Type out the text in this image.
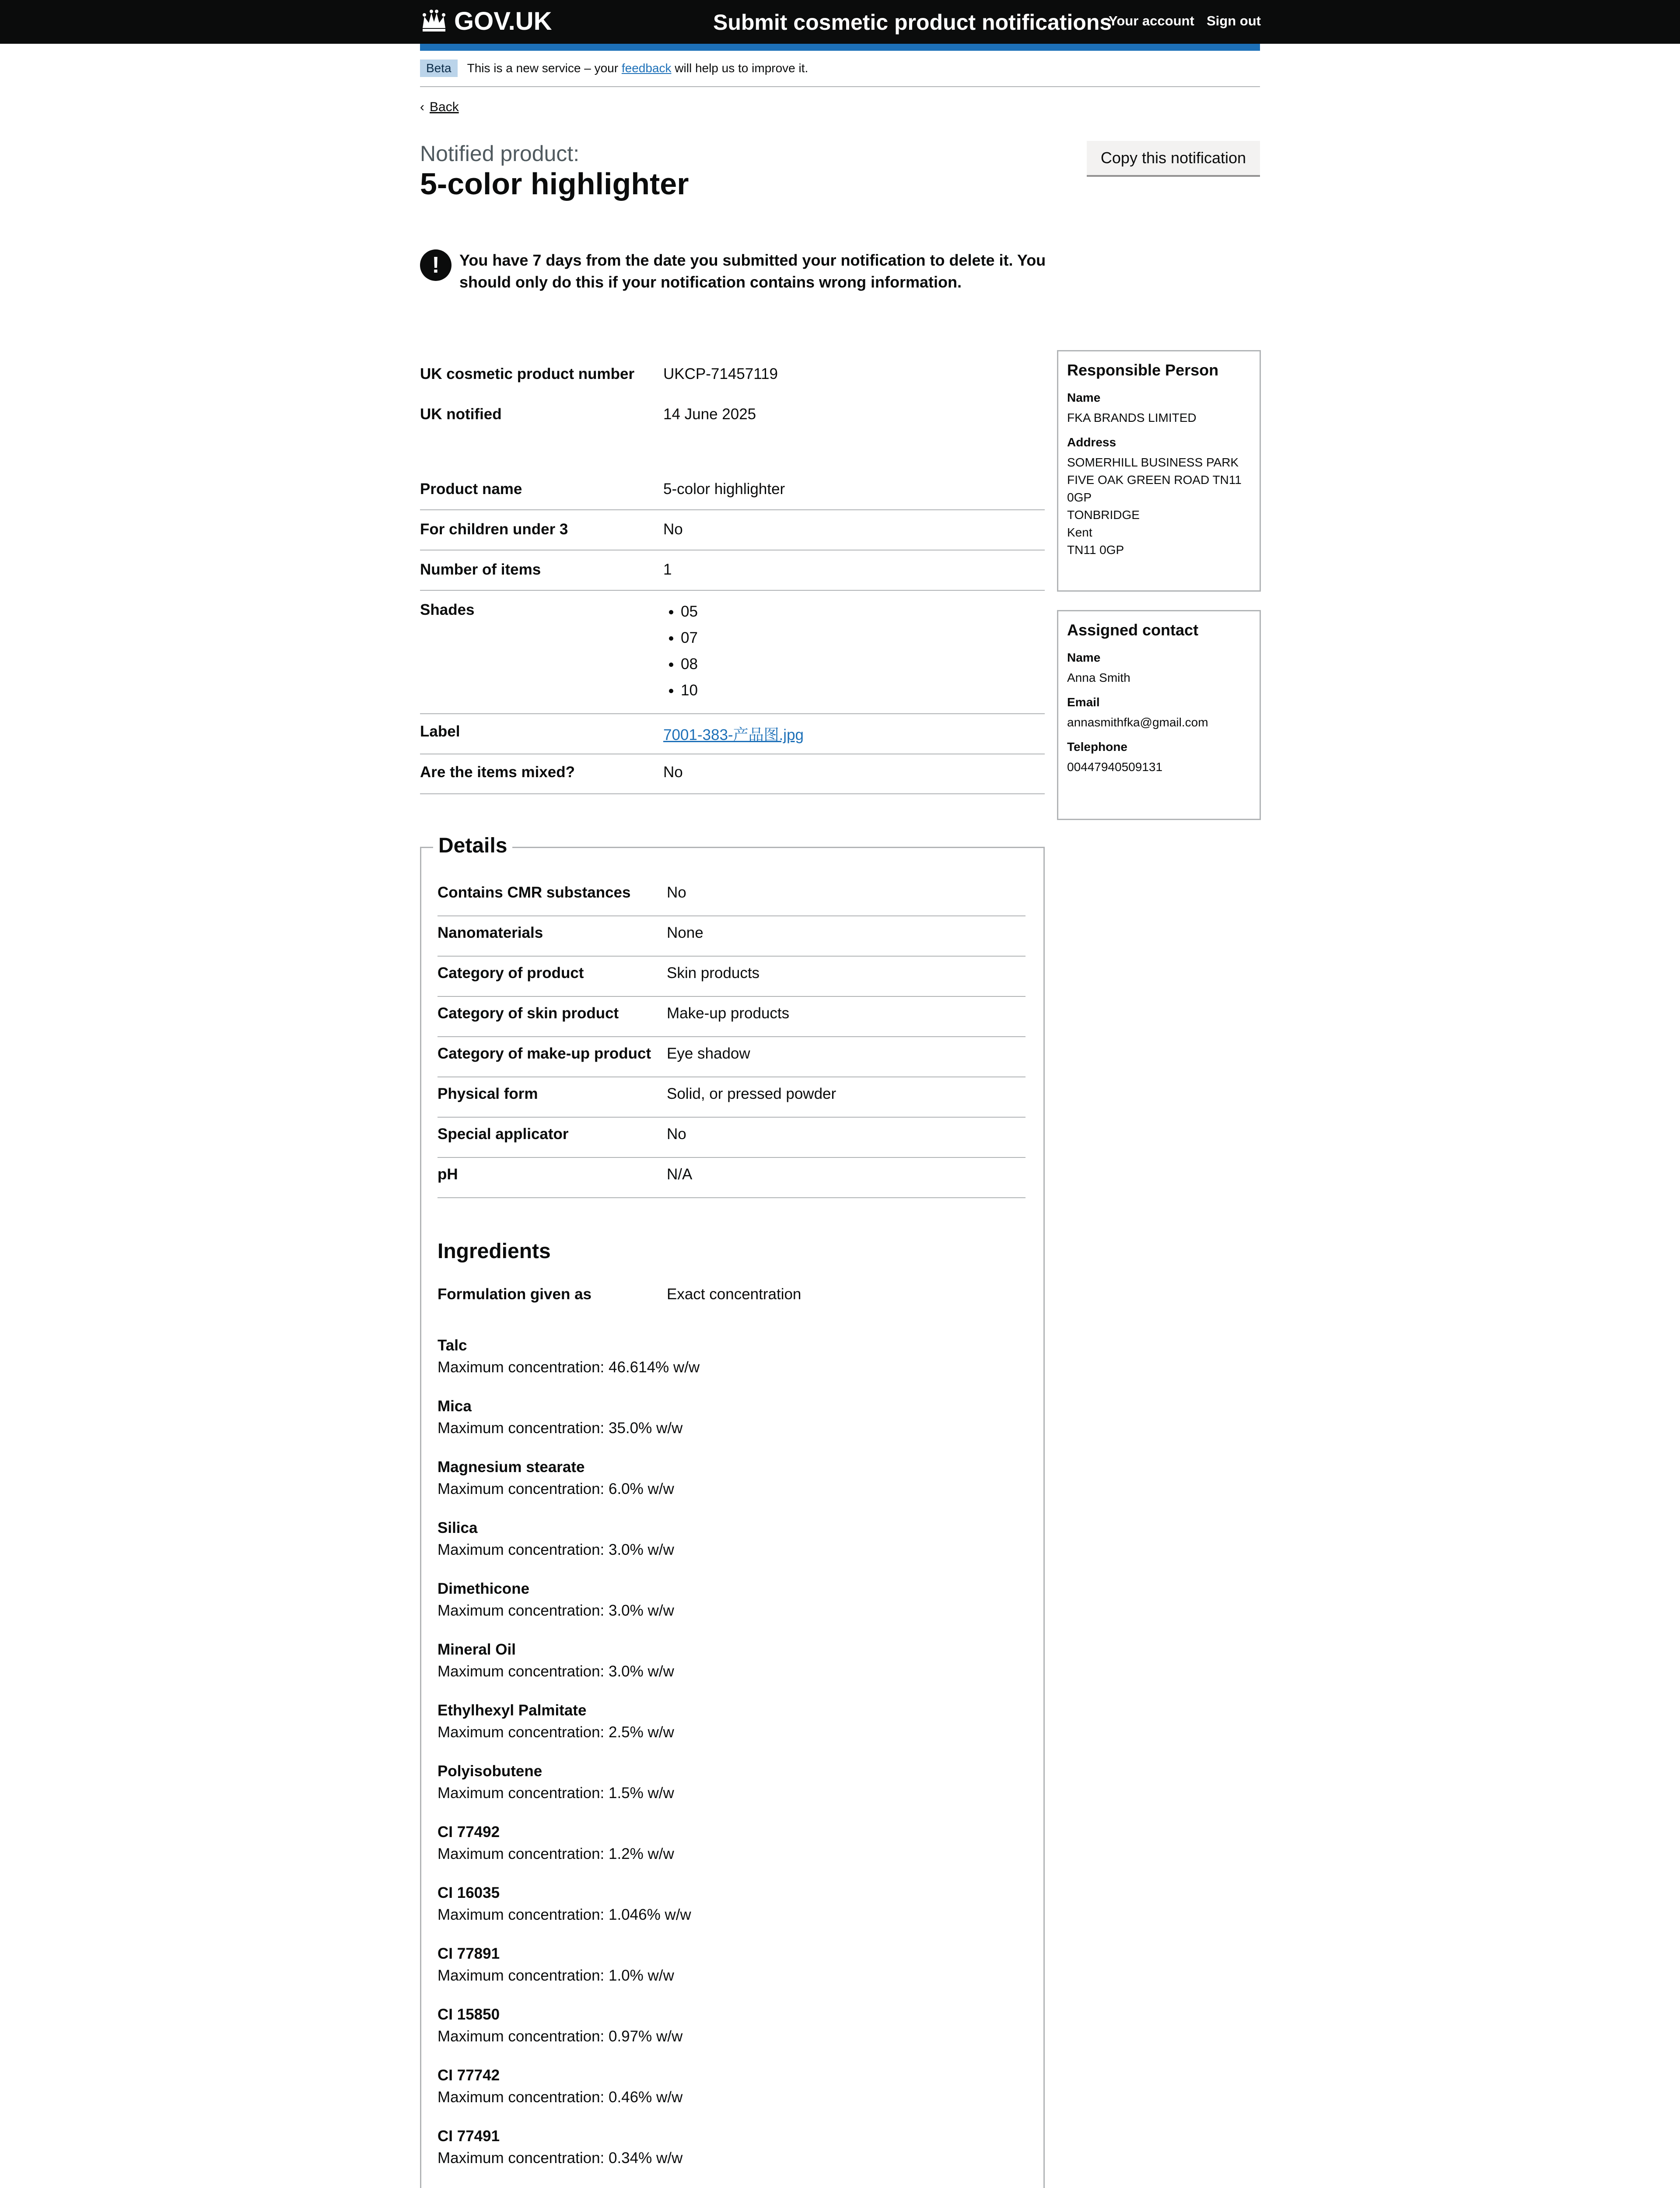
GOV.UK	Submit cosmetic product notifications
Your account Sign out
Beta	This is a new service – your
feedback
will help us to improve it.
‹ Back
Notified product:
5-color highlighter
Copy this notification
!	You have 7 days from the date you submitted your notification to delete it. You should only do this if your notification contains wrong information.
UK cosmetic product number UKCP-71457119
UK notified	14 June 2025
Product name	5-color highlighter
For children under 3	No
Number of items	1
Shades
•	05
• 07
• 08
• 10
Label	7001-383-产品图.jpg
Are the items mixed?	No
Responsible Person
Name
FKA BRANDS LIMITED
Address
SOMERHILL BUSINESS PARK
FIVE OAK GREEN ROAD TN11
0GP
TONBRIDGE
Kent
TN11 0GP
Assigned contact
Name
Anna Smith
Email
annasmithfka@gmail.com
Telephone
00447940509131
Details
Contains CMR substances No
Nanomaterials	None
Category of product	Skin products
Category of skin product	Make-up products
Category of make-up product Eye shadow
Physical form	Solid, or pressed powder
Special applicator	No
pH	N/A
Ingredients
Formulation given as	Exact concentration
Talc
Maximum concentration: 46.614% w/w
Mica
Maximum concentration: 35.0% w/w
Magnesium stearate
Maximum concentration: 6.0% w/w
Silica
Maximum concentration: 3.0% w/w
Dimethicone
Maximum concentration: 3.0% w/w
Mineral Oil
Maximum concentration: 3.0% w/w
Ethylhexyl Palmitate
Maximum concentration: 2.5% w/w
Polyisobutene
Maximum concentration: 1.5% w/w
CI 77492
Maximum concentration: 1.2% w/w
CI 16035
Maximum concentration: 1.046% w/w
CI 77891
Maximum concentration: 1.0% w/w
CI 15850
Maximum concentration: 0.97% w/w
CI 77742
Maximum concentration: 0.46% w/w
CI 77491
Maximum concentration: 0.34% w/w
